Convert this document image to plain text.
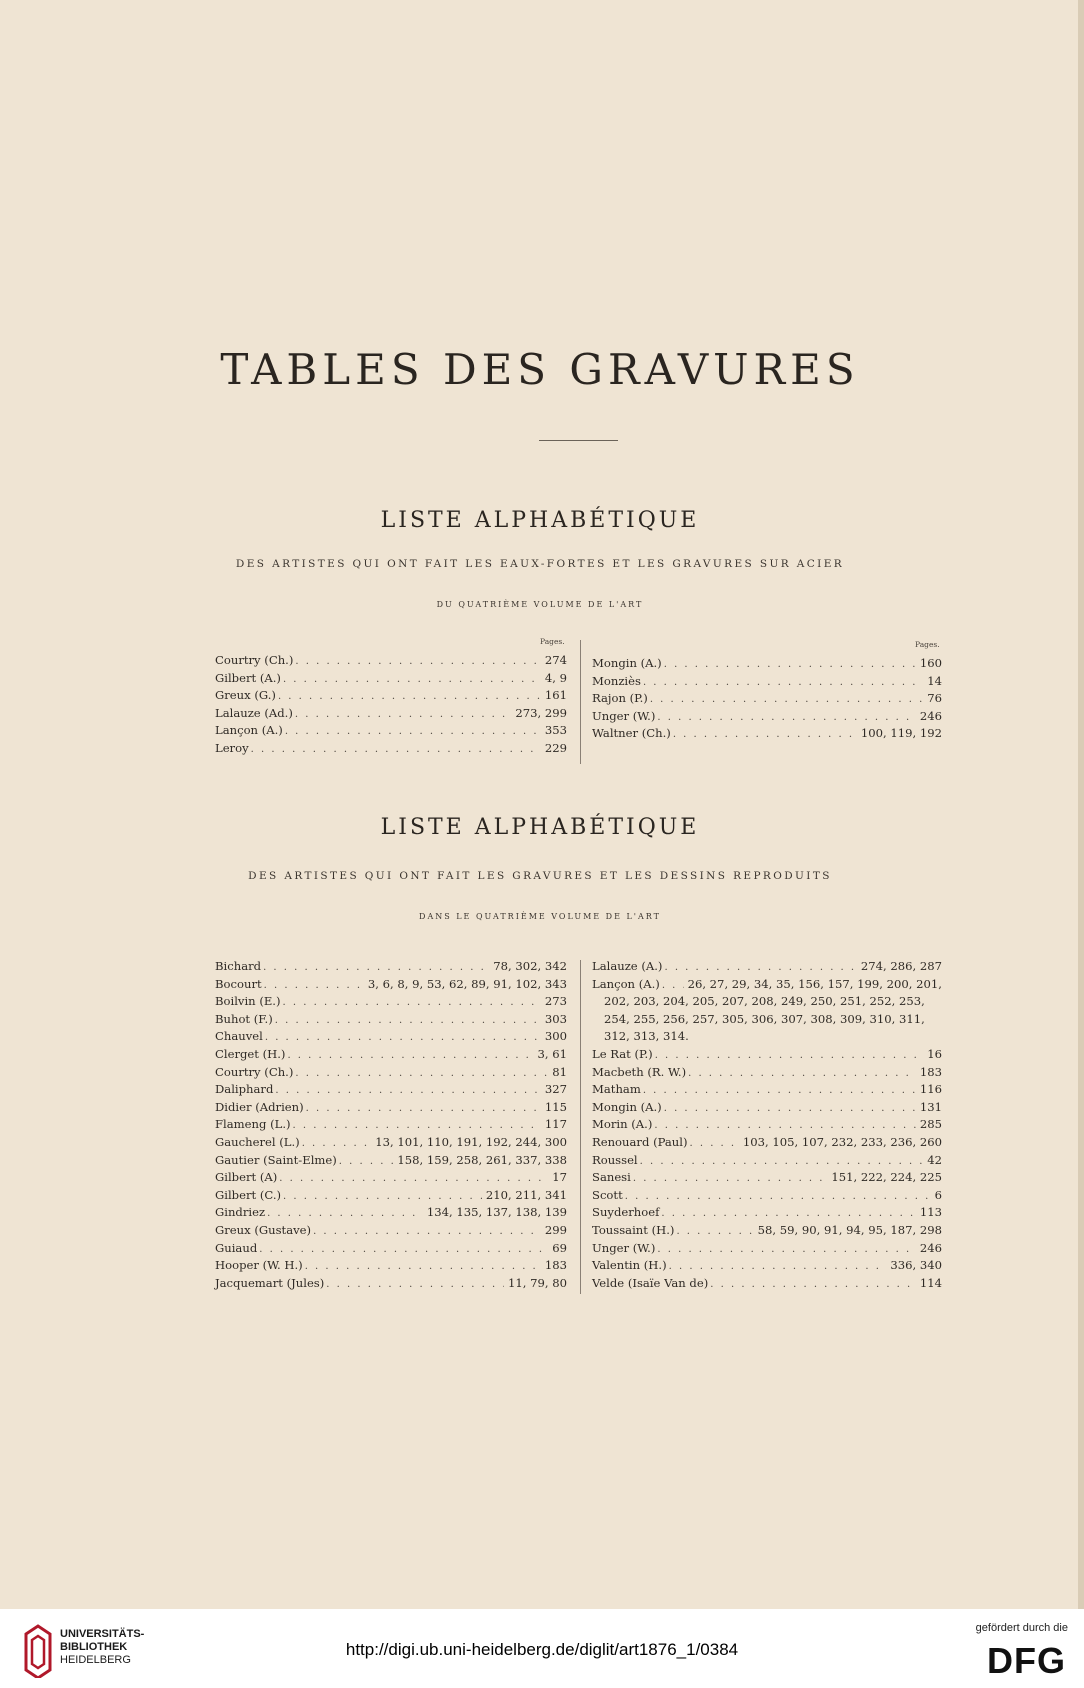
TABLES DES GRAVURES
LISTE ALPHABÉTIQUE
DES ARTISTES QUI ONT FAIT LES EAUX-FORTES ET LES GRAVURES SUR ACIER
DU QUATRIÈME VOLUME DE L'ART
Pages.	Pages.
Courtry (Ch.) . . .	274
Gilbert (A.) . . .	4, 9
Greux (G.) . . .	161
Lalauze (Ad.) . . .	273, 299
Lançon (A.) . . .	353
Leroy . . .	229
Mongin (A.) . . .	160
Monziès . . .	14
Rajon (P.) . . .	76
Unger (W.) . . .	246
Waltner (Ch.) . . .	100, 119, 192
LISTE ALPHABÉTIQUE
DES ARTISTES QUI ONT FAIT LES GRAVURES ET LES DESSINS REPRODUITS
DANS LE QUATRIÈME VOLUME DE L'ART
Bichard . . .	78, 302, 342
Bocourt . . .	3, 6, 8, 9, 53, 62, 89, 91, 102, 343
Boilvin (E.) . . .	273
Buhot (F.) . . .	303
Chauvel . . .	300
Clerget (H.) . . .	3, 61
Courtry (Ch.) . . .	81
Daliphard . . .	327
Didier (Adrien) . . .	115
Flameng (L.) . . .	117
Gaucherel (L.) . . .	13, 101, 110, 191, 192, 244, 300
Gautier (Saint-Elme) . . .	158, 159, 258, 261, 337, 338
Gilbert (A) . . .	17
Gilbert (C.) . . .	210, 211, 341
Gindriez . . .	134, 135, 137, 138, 139
Greux (Gustave) . . .	299
Guiaud . . .	69
Hooper (W. H.) . . .	183
Jacquemart (Jules) . . .	11, 79, 80
Lalauze (A.) . . .	274, 286, 287
Lançon (A.) . . .	26, 27, 29, 34, 35, 156, 157, 199, 200, 201,
202, 203, 204, 205, 207, 208, 249, 250, 251, 252, 253,
254, 255, 256, 257, 305, 306, 307, 308, 309, 310, 311,
312, 313, 314.
Le Rat (P.) . . .	16
Macbeth (R. W.) . . .	183
Matham . . .	116
Mongin (A.) . . .	131
Morin (A.) . . .	285
Renouard (Paul) . . .	103, 105, 107, 232, 233, 236, 260
Roussel . . .	42
Sanesi . . .	151, 222, 224, 225
Scott . . .	6
Suyderhoef . . .	113
Toussaint (H.) . . .	58, 59, 90, 91, 94, 95, 187, 298
Unger (W.) . . .	246
Valentin (H.) . . .	336, 340
Velde (Isaïe Van de) . . .	114
UNIVERSITÄTS-
BIBLIOTHEK
HEIDELBERG
http://digi.ub.uni-heidelberg.de/diglit/art1876_1/0384
gefördert durch die
DFG
